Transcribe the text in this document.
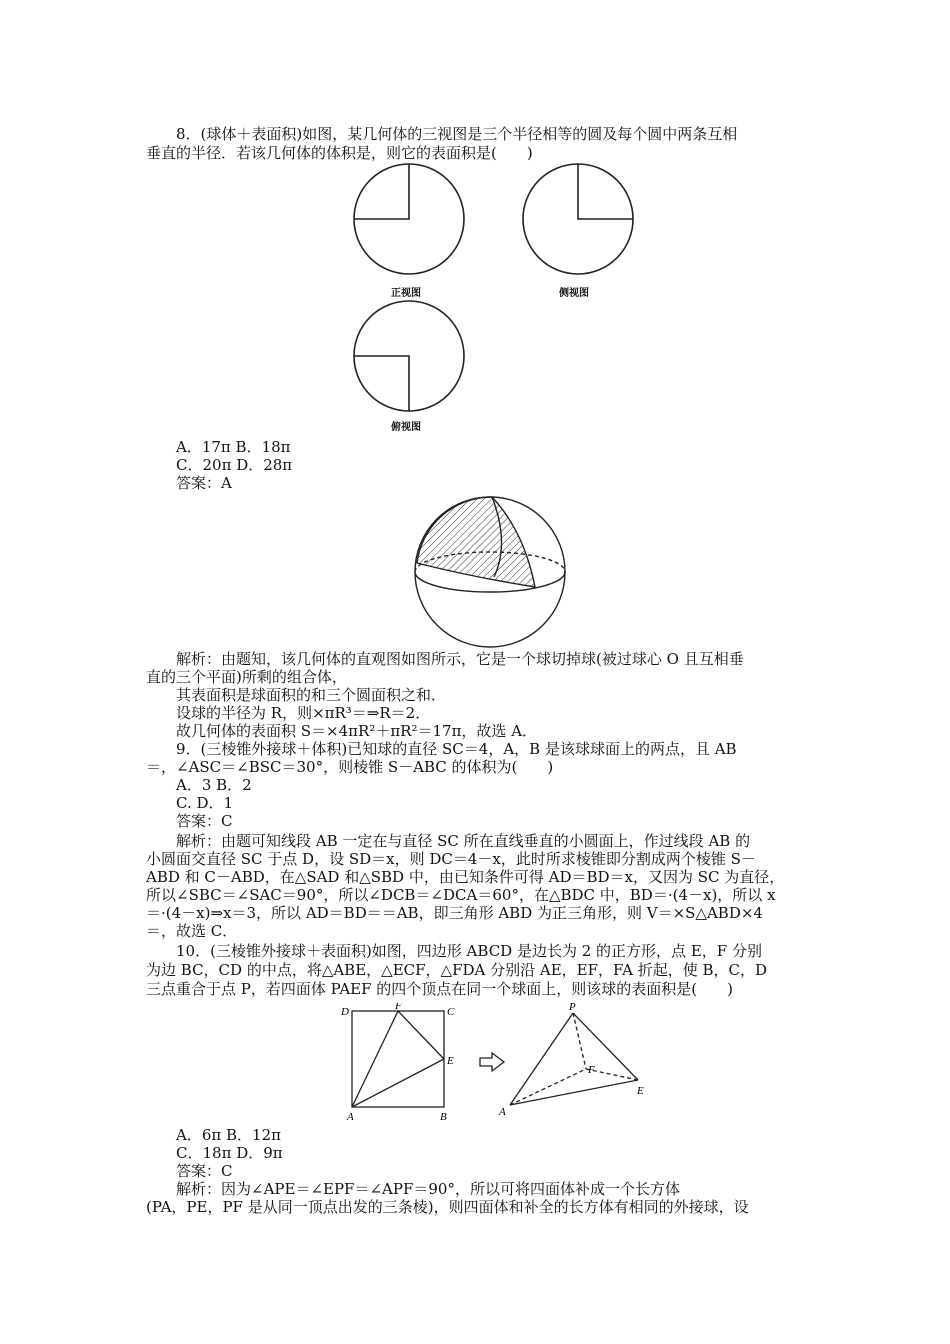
8．(球体＋表面积)如图，某几何体的三视图是三个半径相等的圆及每个圆中两条互相
垂直的半径．若该几何体的体积是，则它的表面积是(　　)
正视图	侧视图
俯视图
A．17π B．18π
C．20π D．28π
答案：A
解析：由题知，该几何体的直观图如图所示，它是一个球切掉球(被过球心 O 且互相垂
直的三个平面)所剩的组合体，
其表面积是球面积的和三个圆面积之和．
设球的半径为 R，则×πR³＝⇒R＝2．
故几何体的表面积 S＝×4πR²＋πR²＝17π，故选 A．
9．(三棱锥外接球＋体积)已知球的直径 SC＝4，A，B 是该球球面上的两点，且 AB
＝，∠ASC＝∠BSC＝30°，则棱锥 S－ABC 的体积为(　　)
A．3 B．2
C. D．1
答案：C
解析：由题可知线段 AB 一定在与直径 SC 所在直线垂直的小圆面上，作过线段 AB 的
小圆面交直径 SC 于点 D，设 SD＝x，则 DC＝4－x，此时所求棱锥即分割成两个棱锥 S－
ABD 和 C－ABD，在△SAD 和△SBD 中，由已知条件可得 AD＝BD＝x，又因为 SC 为直径，
所以∠SBC＝∠SAC＝90°，所以∠DCB＝∠DCA＝60°，在△BDC 中，BD＝·(4－x)，所以 x
＝·(4－x)⇒x＝3，所以 AD＝BD＝＝AB，即三角形 ABD 为正三角形，则 V＝×S△ABD×4
＝，故选 C．
10．(三棱锥外接球＋表面积)如图，四边形 ABCD 是边长为 2 的正方形，点 E，F 分别
为边 BC，CD 的中点，将△ABE，△ECF，△FDA 分别沿 AE，EF，FA 折起，使 B，C，D
三点重合于点 P，若四面体 PAEF 的四个顶点在同一个球面上，则该球的表面积是(　　)
D	F	C
E
A	B
P
F
E
A
A．6π B．12π
C．18π D．9π
答案：C
解析：因为∠APE＝∠EPF＝∠APF＝90°，所以可将四面体补成一个长方体
(PA，PE，PF 是从同一顶点出发的三条棱)，则四面体和补全的长方体有相同的外接球，设
